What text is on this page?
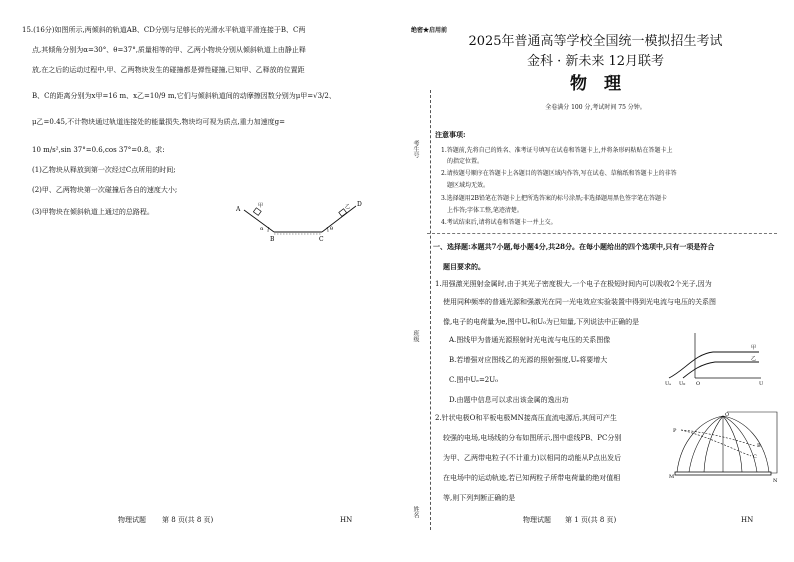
15.(16分)如图所示,两倾斜的轨道AB、CD分别与足够长的光滑水平轨道平滑连接于B、C两
点,其倾角分别为α=30°、θ=37°,质量相等的甲、乙两小物块分别从倾斜轨道上由静止释
放,在之后的运动过程中,甲、乙两物块发生的碰撞都是弹性碰撞,已知甲、乙释放的位置距
B、C的距离分别为x甲=16 m、x乙=10/9 m,它们与倾斜轨道间的动摩擦因数分别为μ甲=√3/2、
μ乙=0.45,不计物块通过轨道连接处的能量损失,物块均可视为质点,重力加速度g=
10 m/s²,sin 37°=0.6,cos 37°=0.8。求:
(1)乙物块从释放到第一次经过C点所用的时间;
(2)甲、乙两物块第一次碰撞后各自的速度大小;
(3)甲物块在倾斜轨道上通过的总路程。	A
B	C
D
甲	乙
α	θ
物理试题 第 8 页(共 8 页)	HN
考生号
班级
姓名
绝密★启用前
2025年普通高等学校全国统一模拟招生考试
金科 · 新未来 12月联考
物　理
全卷满分 100 分,考试时间 75 分钟。
注意事项:
1.答题前,先将自己的姓名、准考证号填写在试卷和答题卡上,并将条形码粘贴在答题卡上
　的指定位置。
2.请按题号顺序在答题卡上各题目的答题区域内作答,写在试卷、草稿纸和答题卡上的非答
　题区域均无效。
3.选择题用2B铅笔在答题卡上把所选答案的标号涂黑;非选择题用黑色签字笔在答题卡
　上作答;字体工整,笔迹清楚。
4.考试结束后,请将试卷和答题卡一并上交。
一、选择题:本题共7小题,每小题4分,共28分。在每小题给出的四个选项中,只有一项是符合
题目要求的。
1.用强激光照射金属时,由于其光子密度极大,一个电子在极短时间内可以吸收2个光子,因为
使用同种频率的普通光源和强激光在同一光电效应实验装置中得到光电流与电压的关系图
像,电子的电荷量为e,图中Uₑ和U₀为已知量,下列说法中正确的是
A.图线甲为普通光源照射时光电流与电压的关系图像
B.若增强对应图线乙的光源的照射强度,Uₑ将要增大
C.图中Uₑ=2U₀
D.由题中信息可以求出该金属的逸出功
甲
乙
U
Uₑ U₀ O
2.针状电极O和平板电极MN接高压直流电源后,其间可产生
较强的电场,电场线的分布如图所示,图中虚线PB、PC分别
为甲、乙两带电粒子(不计重力)以相同的动能从P点出发后
在电场中的运动轨迹,若已知两粒子所带电荷量的绝对值相
等,则下列判断正确的是
O
P
B
C
M
N
物理试题 第 1 页(共 8 页)	HN
